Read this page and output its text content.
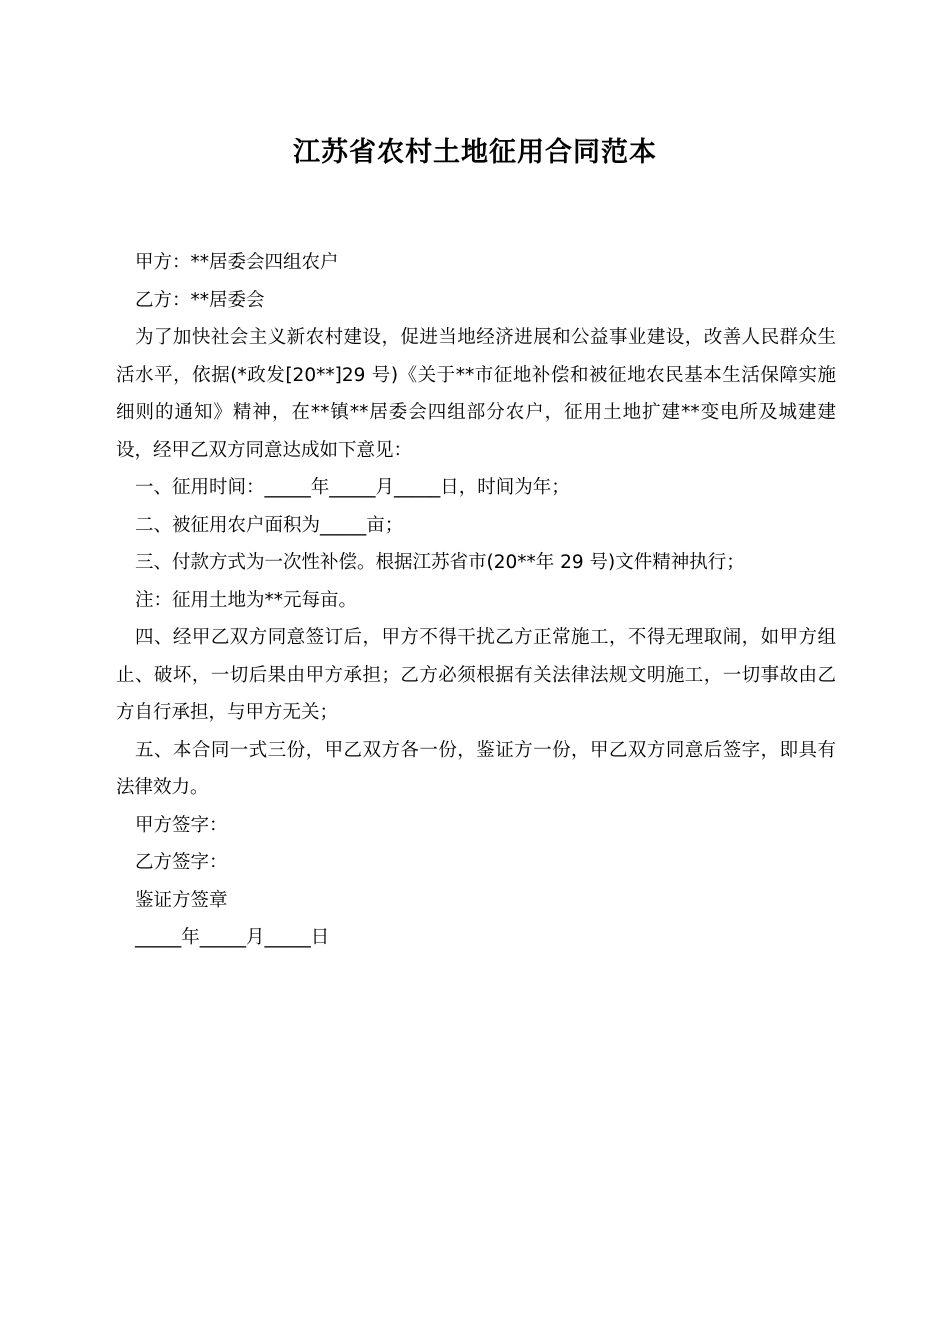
江苏省农村土地征用合同范本

甲方：**居委会四组农户

乙方：**居委会

为了加快社会主义新农村建设，促进当地经济进展和公益事业建设，改善人民群众生活水平，依据(*政发[20**]29 号)《关于**市征地补偿和被征地农民基本生活保障实施细则的通知》精神，在**镇**居委会四组部分农户，征用土地扩建**变电所及城建建设，经甲乙双方同意达成如下意见：

一、征用时间：_____年_____月_____日，时间为年；

二、被征用农户面积为_____亩；

三、付款方式为一次性补偿。根据江苏省市(20**年 29 号)文件精神执行；

注：征用土地为**元每亩。

四、经甲乙双方同意签订后，甲方不得干扰乙方正常施工，不得无理取闹，如甲方组止、破坏，一切后果由甲方承担；乙方必须根据有关法律法规文明施工，一切事故由乙方自行承担，与甲方无关；

五、本合同一式三份，甲乙双方各一份，鉴证方一份，甲乙双方同意后签字，即具有法律效力。

甲方签字：

乙方签字：

鉴证方签章

_____年_____月_____日
